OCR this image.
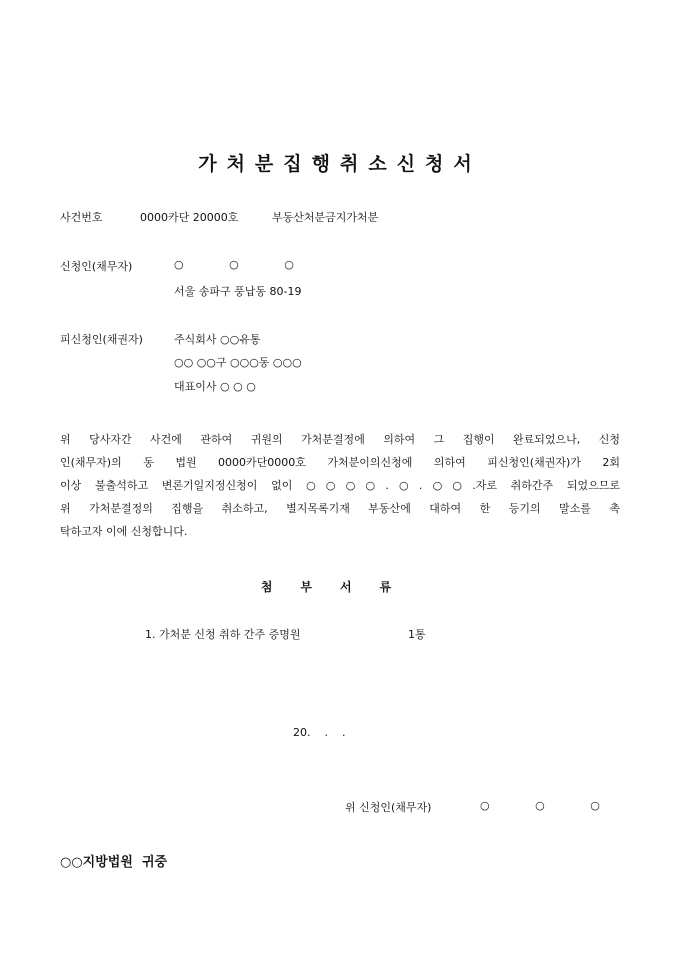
가처분집행취소신청서
사건번호	0000카단 20000호	부동산처분금지가처분
신청인(채무자)	○ ○ ○
서울 송파구 풍납동 80-19
피신청인(채권자)	주식회사 ○○유통
○○ ○○구 ○○○동 ○○○
대표이사 ○ ○ ○
위 당사자간 사건에 관하여 귀원의 가처분결정에 의하여 그 집행이 완료되었으나, 신청
인(채무자)의 동 법원 0000카단0000호 가처분이의신청에 의하여 피신청인(채권자)가 2회
이상 불출석하고 변론기일지정신청이 없이 ○○○○.○.○○.자로 취하간주 되었으므로
위 가처분결정의 집행을 취소하고, 별지목록기재 부동산에 대하여 한 등기의 말소를 촉
탁하고자 이에 신청합니다.
첨부서류
1. 가처분 신청 취하 간주 증명원	1통
20.    .    .
위 신청인(채무자)	○ ○ ○
○○지방법원  귀중
